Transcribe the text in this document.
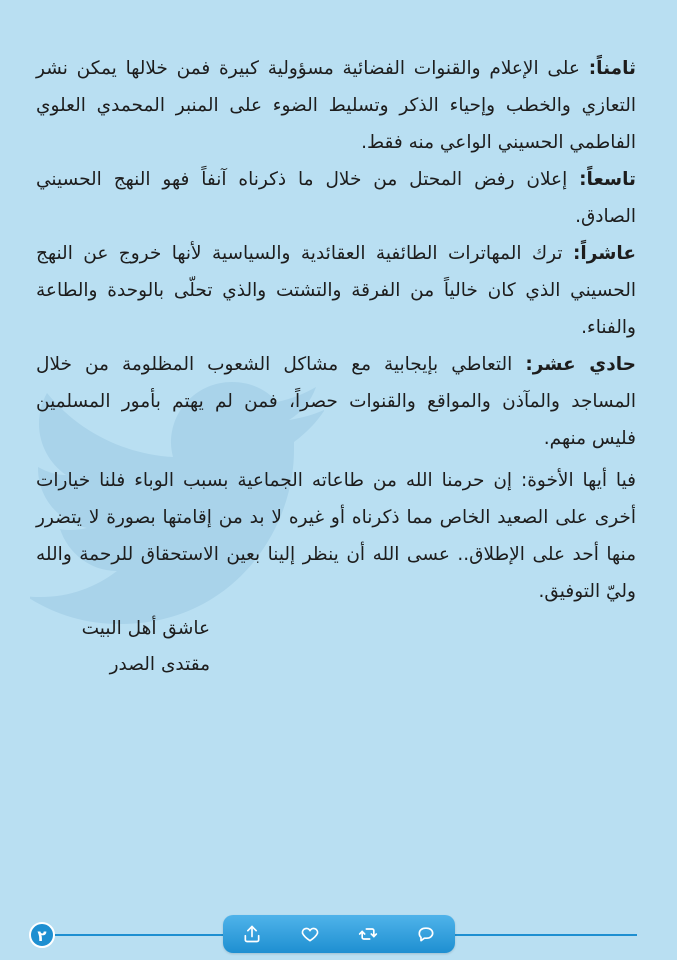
ثامناً: على الإعلام والقنوات الفضائية مسؤولية كبيرة فمن خلالها يمكن نشر التعازي والخطب وإحياء الذكر وتسليط الضوء على المنبر المحمدي العلوي الفاطمي الحسيني الواعي منه فقط.

تاسعاً: إعلان رفض المحتل من خلال ما ذكرناه آنفاً فهو النهج الحسيني الصادق.

عاشراً: ترك المهاترات الطائفية العقائدية والسياسية لأنها خروج عن النهج الحسيني الذي كان خالياً من الفرقة والتشتت والذي تحلّى بالوحدة والطاعة والفناء.

حادي عشر: التعاطي بإيجابية مع مشاكل الشعوب المظلومة من خلال المساجد والمآذن والمواقع والقنوات حصراً، فمن لم يهتم بأمور المسلمين فليس منهم.

فيا أيها الأخوة: إن حرمنا الله من طاعاته الجماعية بسبب الوباء فلنا خيارات أخرى على الصعيد الخاص مما ذكرناه أو غيره لا بد من إقامتها بصورة لا يتضرر منها أحد على الإطلاق.. عسى الله أن ينظر إلينا بعين الاستحقاق للرحمة والله وليّ التوفيق.

عاشق أهل البيت
مقتدى الصدر
٢
